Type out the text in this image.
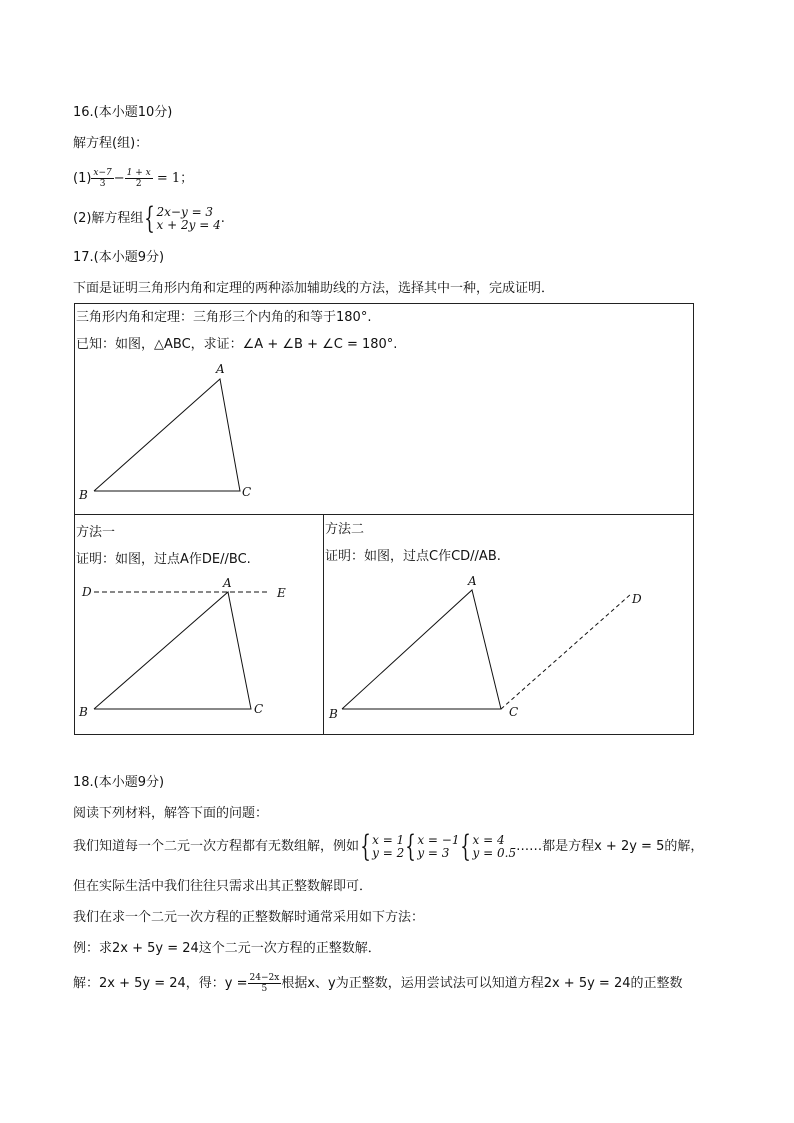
16.(本小题10分)
解方程(组)：
$(1) \frac{x-7}{3} - \frac{1 + x}{2} = 1$；
(2)解方程组{ 2x−y = 3
x + 2y = 4 .
17.(本小题9分)
下面是证明三角形内角和定理的两种添加辅助线的方法，选择其中一种，完成证明．
三角形内角和定理：三角形三个内角的和等于180°.
已知：如图，△ABC，求证：∠A + ∠B + ∠C = 180°.
A
B	C
方法一
证明：如图，过点A作DE//BC.
D	E
A
B	C
方法二
证明：如图，过点C作CD//AB.
A
B	C
D
18.(本小题9分)
阅读下列材料，解答下面的问题：
我们知道每一个二元一次方程都有无数组解，例如{ x = 1
y = 2 { x = −1
y = 3 { x = 4
y = 0.5 ……都是方程x + 2y = 5的解，
但在实际生活中我们往往只需求出其正整数解即可．
我们在求一个二元一次方程的正整数解时通常采用如下方法：
例：求2x + 5y = 24这个二元一次方程的正整数解．
解：2x + 5y = 24，得：$y = \frac{24-2x}{5}$ 根据x、y为正整数，运用尝试法可以知道方程2x + 5y = 24的正整数
